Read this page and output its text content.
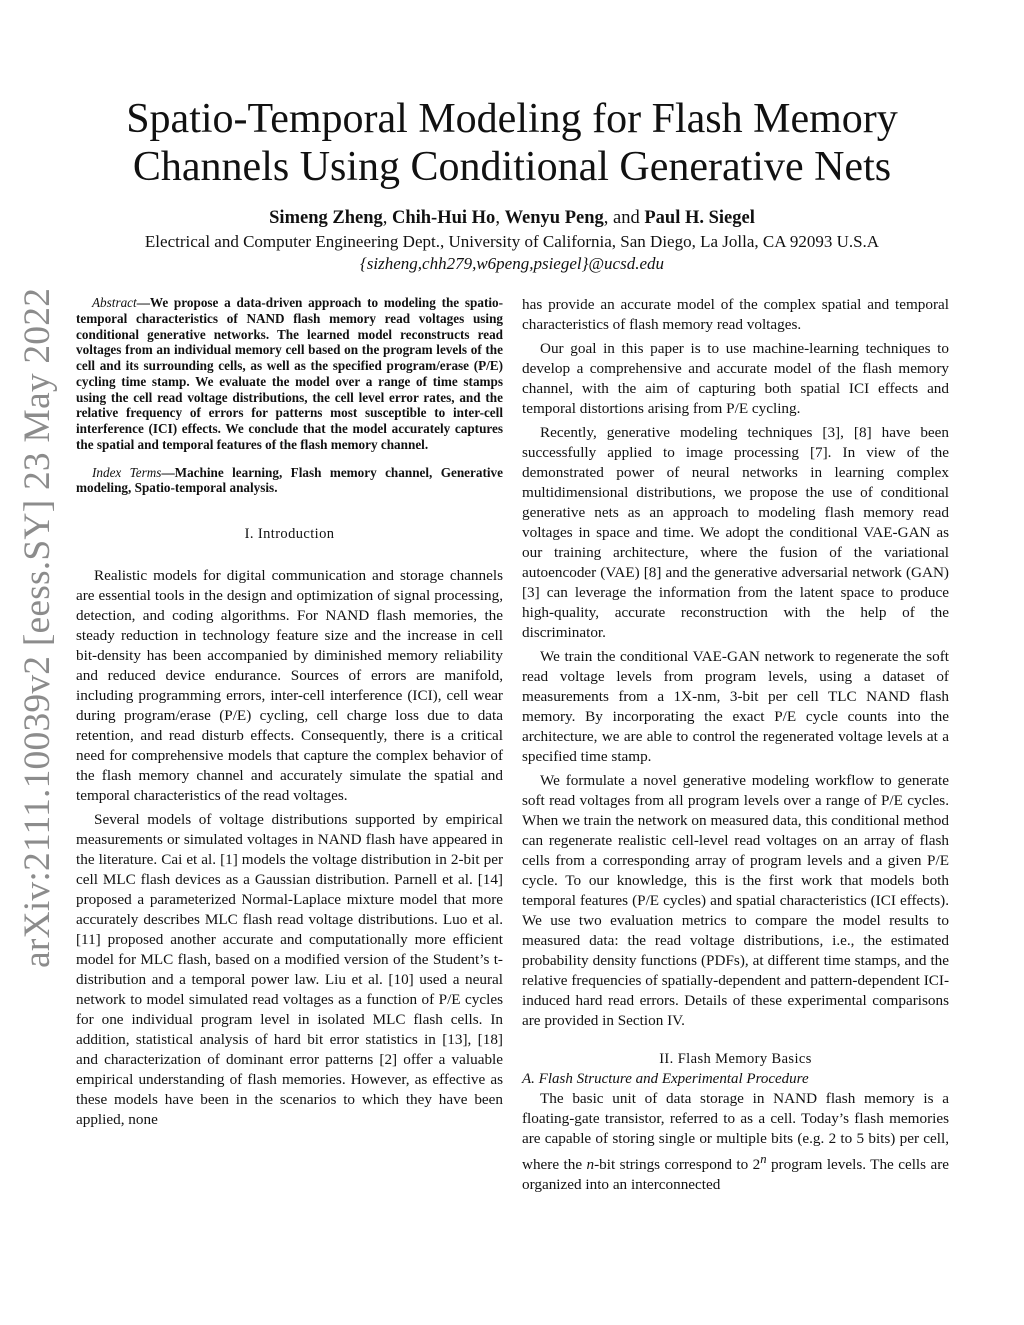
arXiv:2111.10039v2 [eess.SY] 23 May 2022
Spatio-Temporal Modeling for Flash Memory
Channels Using Conditional Generative Nets
Simeng Zheng, Chih-Hui Ho, Wenyu Peng, and Paul H. Siegel
Electrical and Computer Engineering Dept., University of California, San Diego, La Jolla, CA 92093 U.S.A
{sizheng,chh279,w6peng,psiegel}@ucsd.edu

Abstract—We propose a data-driven approach to modeling the spatio-temporal characteristics of NAND flash memory read voltages using conditional generative networks. The learned model reconstructs read voltages from an individual memory cell based on the program levels of the cell and its surrounding cells, as well as the specified program/erase (P/E) cycling time stamp. We evaluate the model over a range of time stamps using the cell read voltage distributions, the cell level error rates, and the relative frequency of errors for patterns most susceptible to inter-cell interference (ICI) effects. We conclude that the model accurately captures the spatial and temporal features of the flash memory channel.

Index Terms—Machine learning, Flash memory channel, Generative modeling, Spatio-temporal analysis.

I. Introduction

Realistic models for digital communication and storage channels are essential tools in the design and optimization of signal processing, detection, and coding algorithms. For NAND flash memories, the steady reduction in technology feature size and the increase in cell bit-density has been accompanied by diminished memory reliability and reduced device endurance. Sources of errors are manifold, including programming errors, inter-cell interference (ICI), cell wear during program/erase (P/E) cycling, cell charge loss due to data retention, and read disturb effects. Consequently, there is a critical need for comprehensive models that capture the complex behavior of the flash memory channel and accurately simulate the spatial and temporal characteristics of the read voltages.

Several models of voltage distributions supported by empirical measurements or simulated voltages in NAND flash have appeared in the literature. Cai et al. [1] models the voltage distribution in 2-bit per cell MLC flash devices as a Gaussian distribution. Parnell et al. [14] proposed a parameterized Normal-Laplace mixture model that more accurately describes MLC flash read voltage distributions. Luo et al. [11] proposed another accurate and computationally more efficient model for MLC flash, based on a modified version of the Student’s t-distribution and a temporal power law. Liu et al. [10] used a neural network to model simulated read voltages as a function of P/E cycles for one individual program level in isolated MLC flash cells. In addition, statistical analysis of hard bit error statistics in [13], [18] and characterization of dominant error patterns [2] offer a valuable empirical understanding of flash memories. However, as effective as these models have been in the scenarios to which they have been applied, none

has provide an accurate model of the complex spatial and temporal characteristics of flash memory read voltages.

Our goal in this paper is to use machine-learning techniques to develop a comprehensive and accurate model of the flash memory channel, with the aim of capturing both spatial ICI effects and temporal distortions arising from P/E cycling.

Recently, generative modeling techniques [3], [8] have been successfully applied to image processing [7]. In view of the demonstrated power of neural networks in learning complex multidimensional distributions, we propose the use of conditional generative nets as an approach to modeling flash memory read voltages in space and time. We adopt the conditional VAE-GAN as our training architecture, where the fusion of the variational autoencoder (VAE) [8] and the generative adversarial network (GAN) [3] can leverage the information from the latent space to produce high-quality, accurate reconstruction with the help of the discriminator.

We train the conditional VAE-GAN network to regenerate the soft read voltage levels from program levels, using a dataset of measurements from a 1X-nm, 3-bit per cell TLC NAND flash memory. By incorporating the exact P/E cycle counts into the architecture, we are able to control the regenerated voltage levels at a specified time stamp.

We formulate a novel generative modeling workflow to generate soft read voltages from all program levels over a range of P/E cycles. When we train the network on measured data, this conditional method can regenerate realistic cell-level read voltages on an array of flash cells from a corresponding array of program levels and a given P/E cycle. To our knowledge, this is the first work that models both temporal features (P/E cycles) and spatial characteristics (ICI effects). We use two evaluation metrics to compare the model results to measured data: the read voltage distributions, i.e., the estimated probability density functions (PDFs), at different time stamps, and the relative frequencies of spatially-dependent and pattern-dependent ICI-induced hard read errors. Details of these experimental comparisons are provided in Section IV.

II. Flash Memory Basics
A. Flash Structure and Experimental Procedure

The basic unit of data storage in NAND flash memory is a floating-gate transistor, referred to as a cell. Today’s flash memories are capable of storing single or multiple bits (e.g. 2 to 5 bits) per cell, where the n-bit strings correspond to 2$^n$ program levels. The cells are organized into an interconnected
